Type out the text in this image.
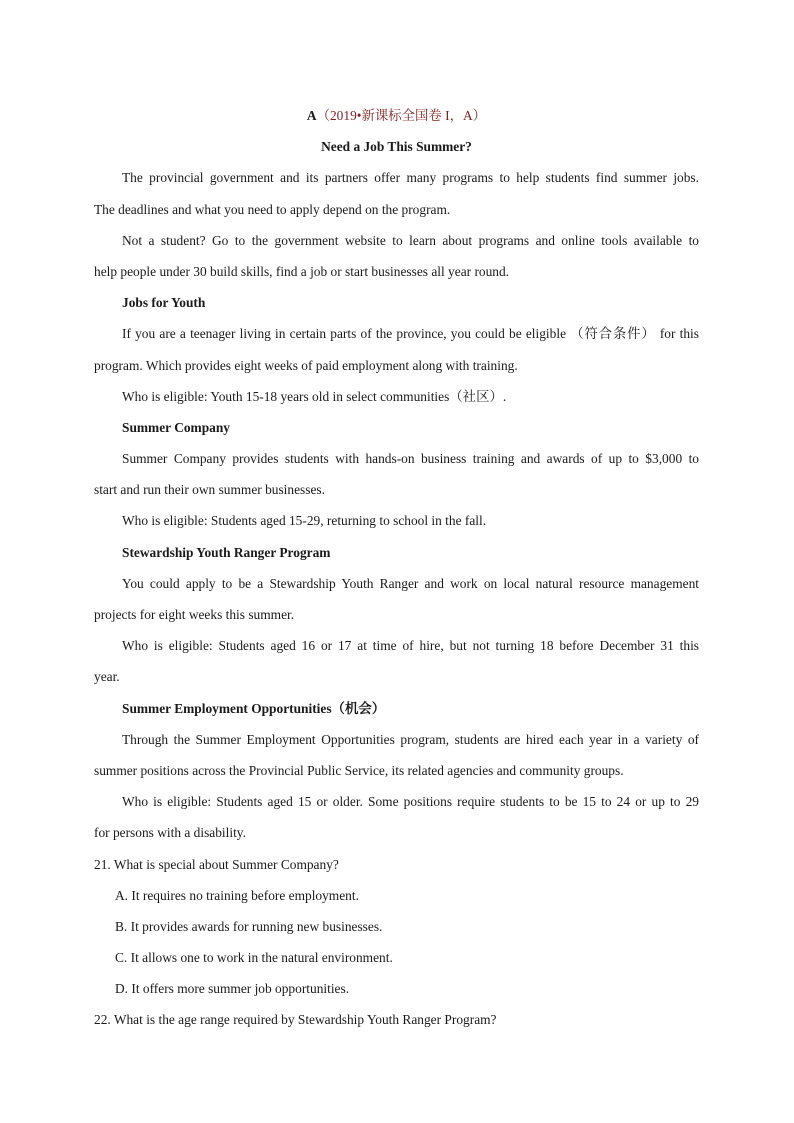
A（2019•新课标全国卷 I，A）
Need a Job This Summer?
The provincial government and its partners offer many programs to help students find summer jobs.
The deadlines and what you need to apply depend on the program.
Not a student? Go to the government website to learn about programs and online tools available to
help people under 30 build skills, find a job or start businesses all year round.
Jobs for Youth
If you are a teenager living in certain parts of the province, you could be eligible （符合条件） for this
program. Which provides eight weeks of paid employment along with training.
Who is eligible: Youth 15-18 years old in select communities（社区）.
Summer Company
Summer Company provides students with hands-on business training and awards of up to $3,000 to
start and run their own summer businesses.
Who is eligible: Students aged 15-29, returning to school in the fall.
Stewardship Youth Ranger Program
You could apply to be a Stewardship Youth Ranger and work on local natural resource management
projects for eight weeks this summer.
Who is eligible: Students aged 16 or 17 at time of hire, but not turning 18 before December 31 this
year.
Summer Employment Opportunities（机会）
Through the Summer Employment Opportunities program, students are hired each year in a variety of
summer positions across the Provincial Public Service, its related agencies and community groups.
Who is eligible: Students aged 15 or older. Some positions require students to be 15 to 24 or up to 29
for persons with a disability.
21. What is special about Summer Company?
A. It requires no training before employment.
B. It provides awards for running new businesses.
C. It allows one to work in the natural environment.
D. It offers more summer job opportunities.
22. What is the age range required by Stewardship Youth Ranger Program?
